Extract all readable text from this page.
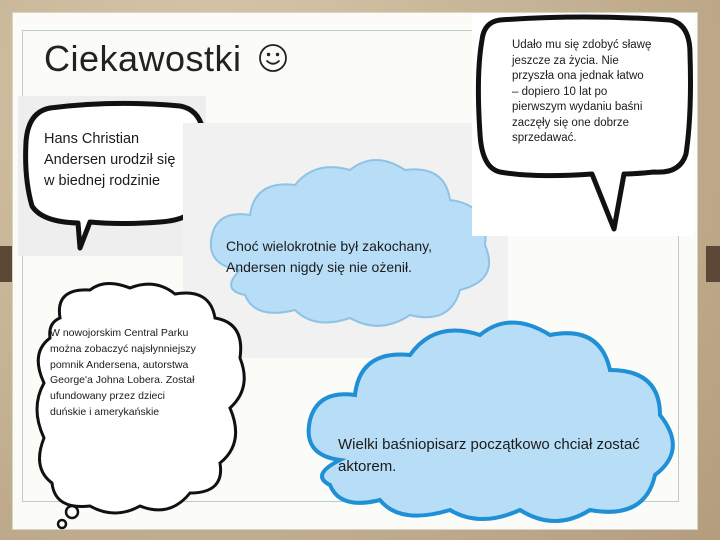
Ciekawostki
Hans Christian Andersen urodził się w biednej rodzinie
Choć wielokrotnie był zakochany, Andersen nigdy się nie ożenił.
Udało mu się zdobyć sławę jeszcze za życia. Nie przyszła ona jednak łatwo – dopiero 10 lat po pierwszym wydaniu baśni zaczęły się one dobrze sprzedawać.
W nowojorskim Central Parku można zobaczyć najsłynniejszy pomnik Andersena, autorstwa George'a Johna Lobera. Został ufundowany przez dzieci duńskie i amerykańskie
Wielki baśniopisarz początkowo chciał zostać aktorem.
